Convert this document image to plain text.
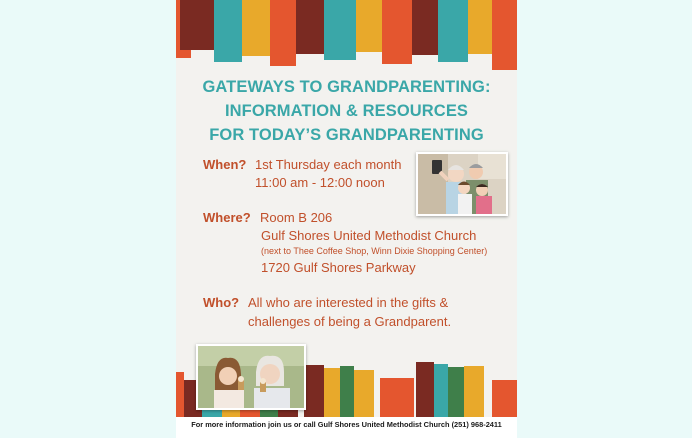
GATEWAYS TO GRANDPARENTING:
INFORMATION & RESOURCES
FOR TODAY’S GRANDPARENTING
When? 1st Thursday each month
11:00 am - 12:00 noon
Where? Room B 206
Gulf Shores United Methodist Church
(next to Thee Coffee Shop, Winn Dixie Shopping Center)
1720 Gulf Shores Parkway
Who? All who are interested in the gifts &
challenges of being a Grandparent.
For more information join us or call Gulf Shores United Methodist Church (251) 968-2411
